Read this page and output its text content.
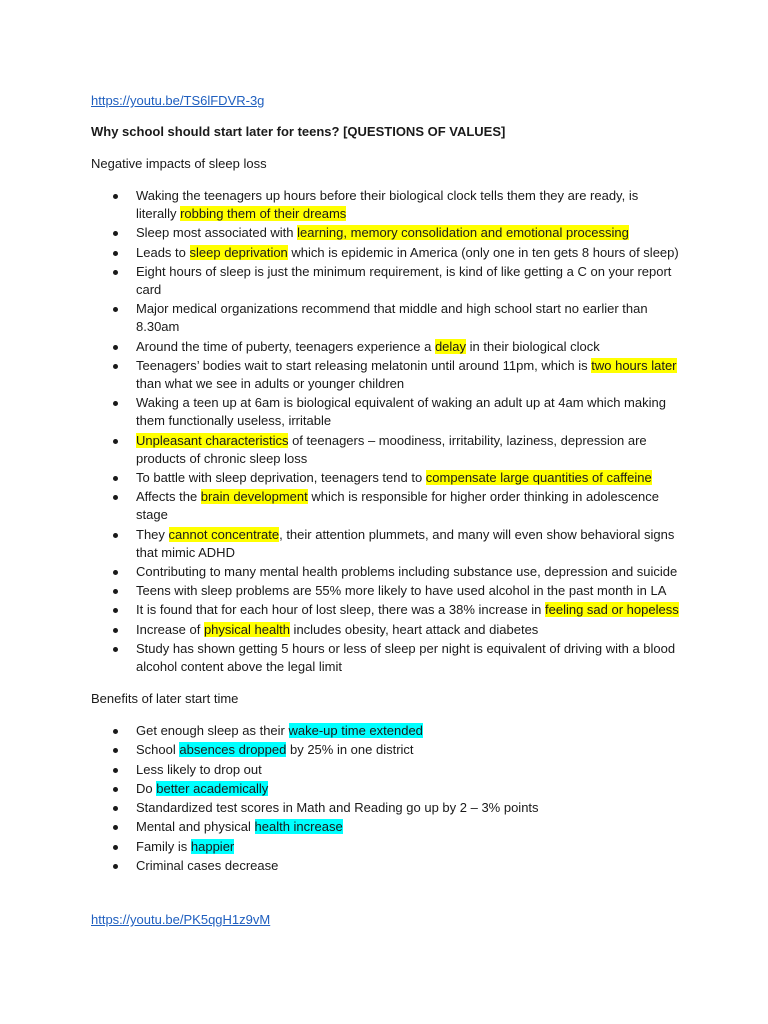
https://youtu.be/TS6lFDVR-3g

Why school should start later for teens? [QUESTIONS OF VALUES]

Negative impacts of sleep loss

Waking the teenagers up hours before their biological clock tells them they are ready, is literally robbing them of their dreams
Sleep most associated with learning, memory consolidation and emotional processing
Leads to sleep deprivation which is epidemic in America (only one in ten gets 8 hours of sleep)
Eight hours of sleep is just the minimum requirement, is kind of like getting a C on your report card
Major medical organizations recommend that middle and high school start no earlier than 8.30am
Around the time of puberty, teenagers experience a delay in their biological clock
Teenagers’ bodies wait to start releasing melatonin until around 11pm, which is two hours later than what we see in adults or younger children
Waking a teen up at 6am is biological equivalent of waking an adult up at 4am which making them functionally useless, irritable
Unpleasant characteristics of teenagers – moodiness, irritability, laziness, depression are products of chronic sleep loss
To battle with sleep deprivation, teenagers tend to compensate large quantities of caffeine
Affects the brain development which is responsible for higher order thinking in adolescence stage
They cannot concentrate, their attention plummets, and many will even show behavioral signs that mimic ADHD
Contributing to many mental health problems including substance use, depression and suicide
Teens with sleep problems are 55% more likely to have used alcohol in the past month in LA
It is found that for each hour of lost sleep, there was a 38% increase in feeling sad or hopeless
Increase of physical health includes obesity, heart attack and diabetes
Study has shown getting 5 hours or less of sleep per night is equivalent of driving with a blood alcohol content above the legal limit

Benefits of later start time

Get enough sleep as their wake-up time extended
School absences dropped by 25% in one district
Less likely to drop out
Do better academically
Standardized test scores in Math and Reading go up by 2 – 3% points
Mental and physical health increase
Family is happier
Criminal cases decrease

https://youtu.be/PK5qgH1z9vM
